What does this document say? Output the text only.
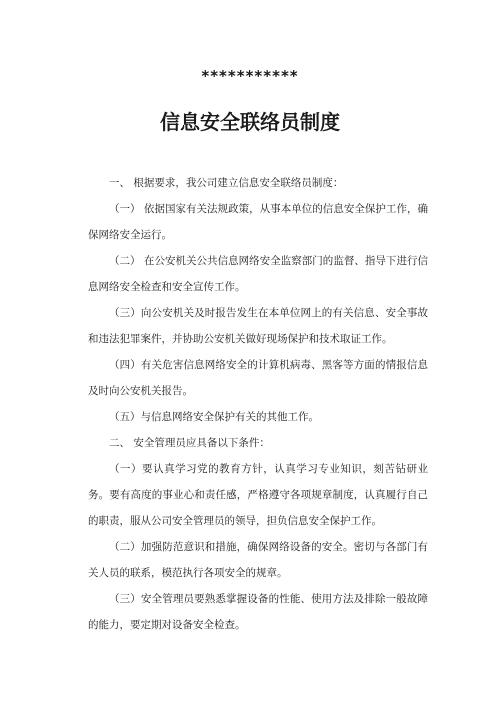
***********
信息安全联络员制度

一、 根据要求，我公司建立信息安全联络员制度：

（一） 依据国家有关法规政策，从事本单位的信息安全保护工作，确保网络安全运行。

（二） 在公安机关公共信息网络安全监察部门的监督、指导下进行信息网络安全检查和安全宣传工作。

（三）向公安机关及时报告发生在本单位网上的有关信息、安全事故和违法犯罪案件，并协助公安机关做好现场保护和技术取证工作。

（四）有关危害信息网络安全的计算机病毒、黑客等方面的情报信息及时向公安机关报告。

（五）与信息网络安全保护有关的其他工作。

二、 安全管理员应具备以下条件：

（一）要认真学习党的教育方针，认真学习专业知识，刻苦钻研业务。要有高度的事业心和责任感，严格遵守各项规章制度，认真履行自己的职责，服从公司安全管理员的领导，担负信息安全保护工作。

（二）加强防范意识和措施，确保网络设备的安全。密切与各部门有关人员的联系，模范执行各项安全的规章。

（三）安全管理员要熟悉掌握设备的性能、使用方法及排除一般故障的能力，要定期对设备安全检查。
